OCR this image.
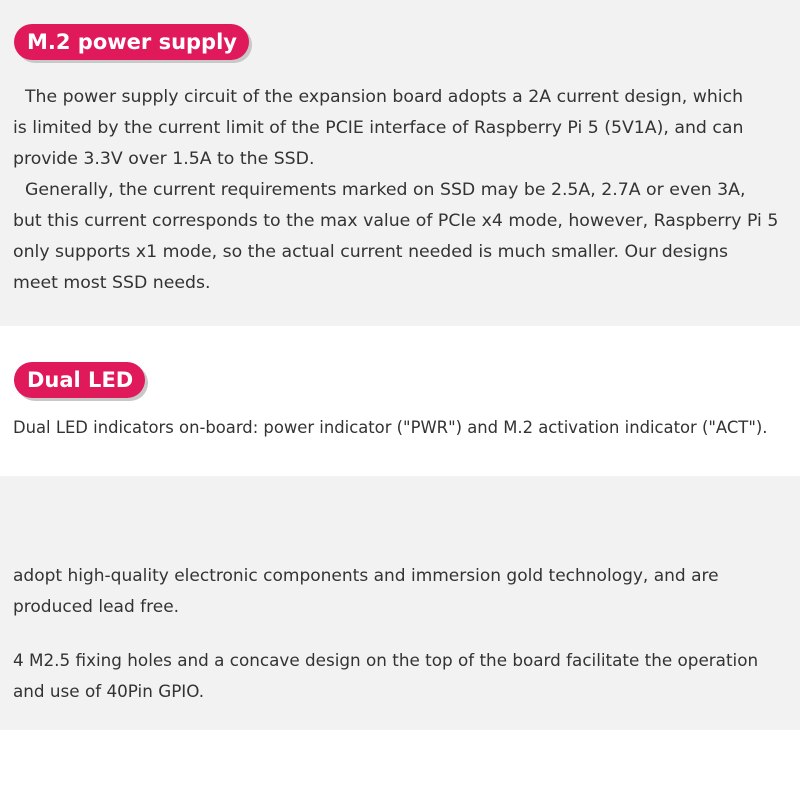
M.2 power supply

The power supply circuit of the expansion board adopts a 2A current design, which
is limited by the current limit of the PCIE interface of Raspberry Pi 5 (5V1A), and can
provide 3.3V over 1.5A to the SSD.
Generally, the current requirements marked on SSD may be 2.5A, 2.7A or even 3A,
but this current corresponds to the max value of PCIe x4 mode, however, Raspberry Pi 5
only supports x1 mode, so the actual current needed is much smaller. Our designs
meet most SSD needs.

Dual LED

Dual LED indicators on-board: power indicator ("PWR") and M.2 activation indicator ("ACT").

adopt high-quality electronic components and immersion gold technology, and are
produced lead free.

4 M2.5 fixing holes and a concave design on the top of the board facilitate the operation
and use of 40Pin GPIO.
